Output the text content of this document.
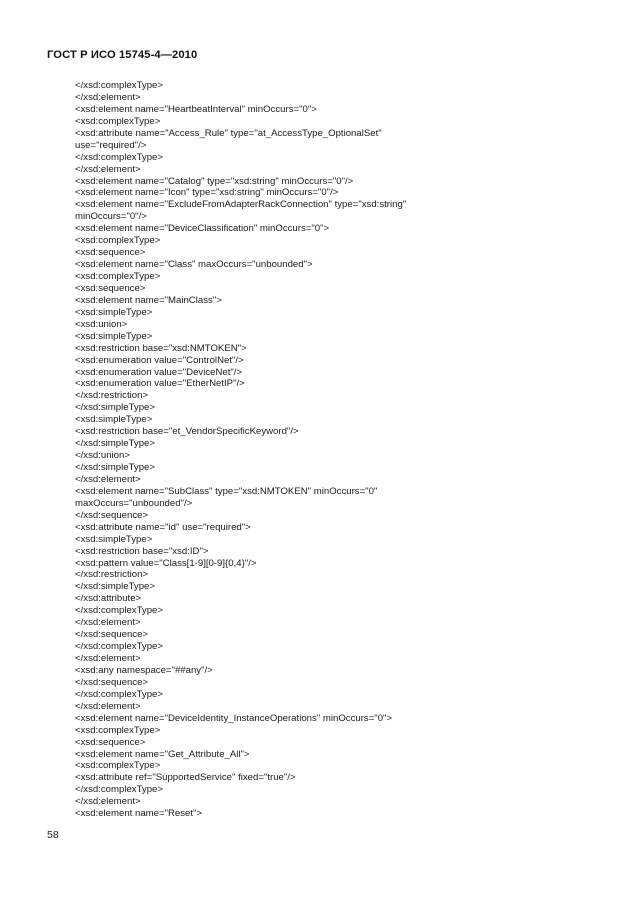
ГОСТ Р ИСО 15745-4—2010
</xsd:complexType>
</xsd:element>
<xsd:element name="HeartbeatInterval" minOccurs="0">
<xsd:complexType>
<xsd:attribute name="Access_Rule" type="at_AccessType_OptionalSet"
use="required"/>
</xsd:complexType>
</xsd:element>
<xsd:element name="Catalog" type="xsd:string" minOccurs="0"/>
<xsd:element name="Icon" type="xsd:string" minOccurs="0"/>
<xsd:element name="ExcludeFromAdapterRackConnection" type="xsd:string"
minOccurs="0"/>
<xsd:element name="DeviceClassification" minOccurs="0">
<xsd:complexType>
<xsd:sequence>
<xsd:element name="Class" maxOccurs="unbounded">
<xsd:complexType>
<xsd:sequence>
<xsd:element name="MainClass">
<xsd:simpleType>
<xsd:union>
<xsd:simpleType>
<xsd:restriction base="xsd:NMTOKEN">
<xsd:enumeration value="ControlNet"/>
<xsd:enumeration value="DeviceNet"/>
<xsd:enumeration value="EtherNetIP"/>
</xsd:restriction>
</xsd:simpleType>
<xsd:simpleType>
<xsd:restriction base="et_VendorSpecificKeyword"/>
</xsd:simpleType>
</xsd:union>
</xsd:simpleType>
</xsd:element>
<xsd:element name="SubClass" type="xsd:NMTOKEN" minOccurs="0"
maxOccurs="unbounded"/>
</xsd:sequence>
<xsd:attribute name="id" use="required">
<xsd:simpleType>
<xsd:restriction base="xsd:ID">
<xsd:pattern value="Class[1-9][0-9]{0,4}"/>
</xsd:restriction>
</xsd:simpleType>
</xsd:attribute>
</xsd:complexType>
</xsd:element>
</xsd:sequence>
</xsd:complexType>
</xsd:element>
<xsd:any namespace="##any"/>
</xsd:sequence>
</xsd:complexType>
</xsd:element>
<xsd:element name="DeviceIdentity_InstanceOperations" minOccurs="0">
<xsd:complexType>
<xsd:sequence>
<xsd:element name="Get_Attribute_All">
<xsd:complexType>
<xsd:attribute ref="SupportedService" fixed="true"/>
</xsd:complexType>
</xsd:element>
<xsd:element name="Reset">
58
